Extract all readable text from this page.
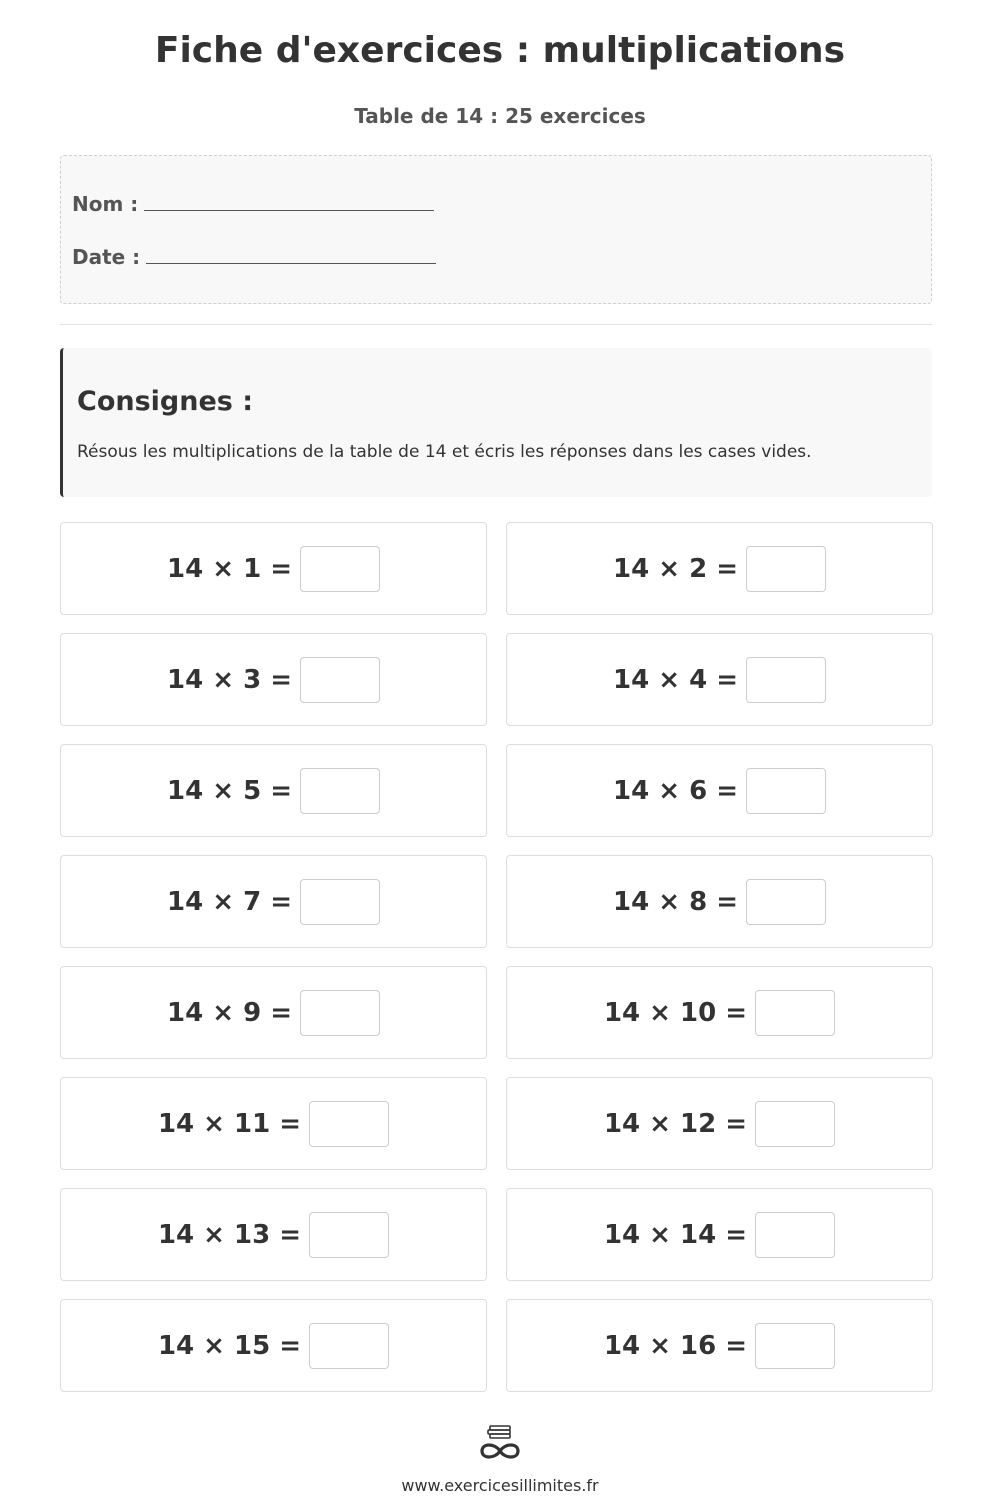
Fiche d'exercices : multiplications
Table de 14 : 25 exercices
Nom :
Date :
Consignes :

Résous les multiplications de la table de 14 et écris les réponses dans les cases vides.

14 × 1 =	14 × 2 =
14 × 3 =	14 × 4 =
14 × 5 =	14 × 6 =
14 × 7 =	14 × 8 =
14 × 9 =	14 × 10 =
14 × 11 =	14 × 12 =
14 × 13 =	14 × 14 =
14 × 15 =	14 × 16 =
www.exercicesillimites.fr
